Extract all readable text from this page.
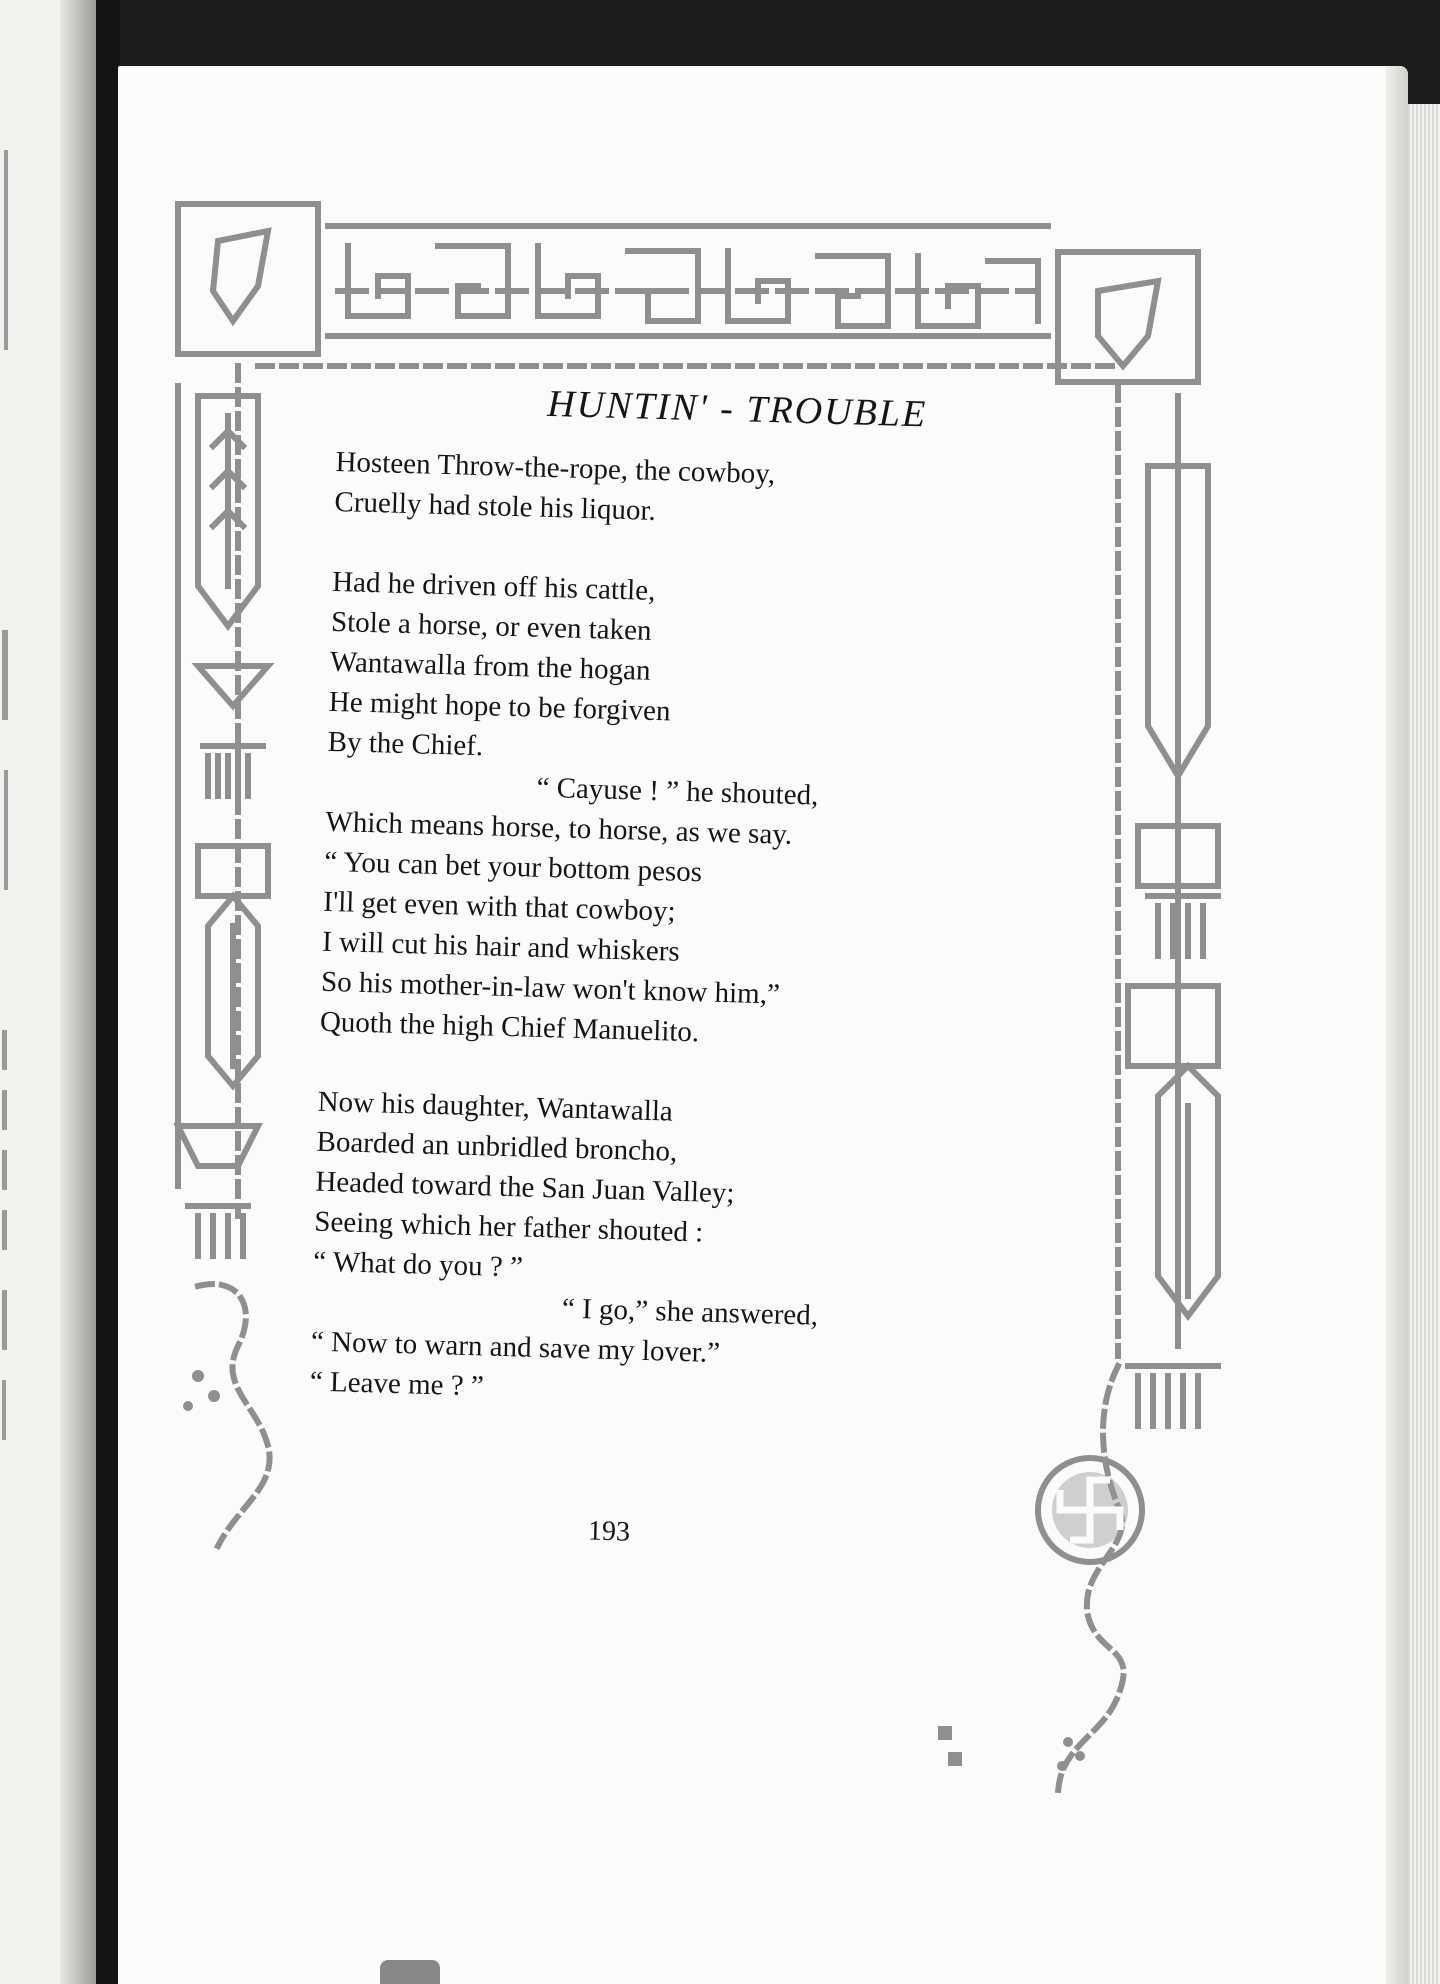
HUNTIN' - TROUBLE
Hosteen Throw-the-rope, the cowboy,
Cruelly had stole his liquor.
Had he driven off his cattle,
Stole a horse, or even taken
Wantawalla from the hogan
He might hope to be forgiven
By the Chief.
“ Cayuse ! ” he shouted,
Which means horse, to horse, as we say.
“ You can bet your bottom pesos
I'll get even with that cowboy;
I will cut his hair and whiskers
So his mother-in-law won't know him,”
Quoth the high Chief Manuelito.
Now his daughter, Wantawalla
Boarded an unbridled broncho,
Headed toward the San Juan Valley;
Seeing which her father shouted :
“ What do you ? ”
“ I go,” she answered,
“ Now to warn and save my lover.”
“ Leave me ? ”
193
